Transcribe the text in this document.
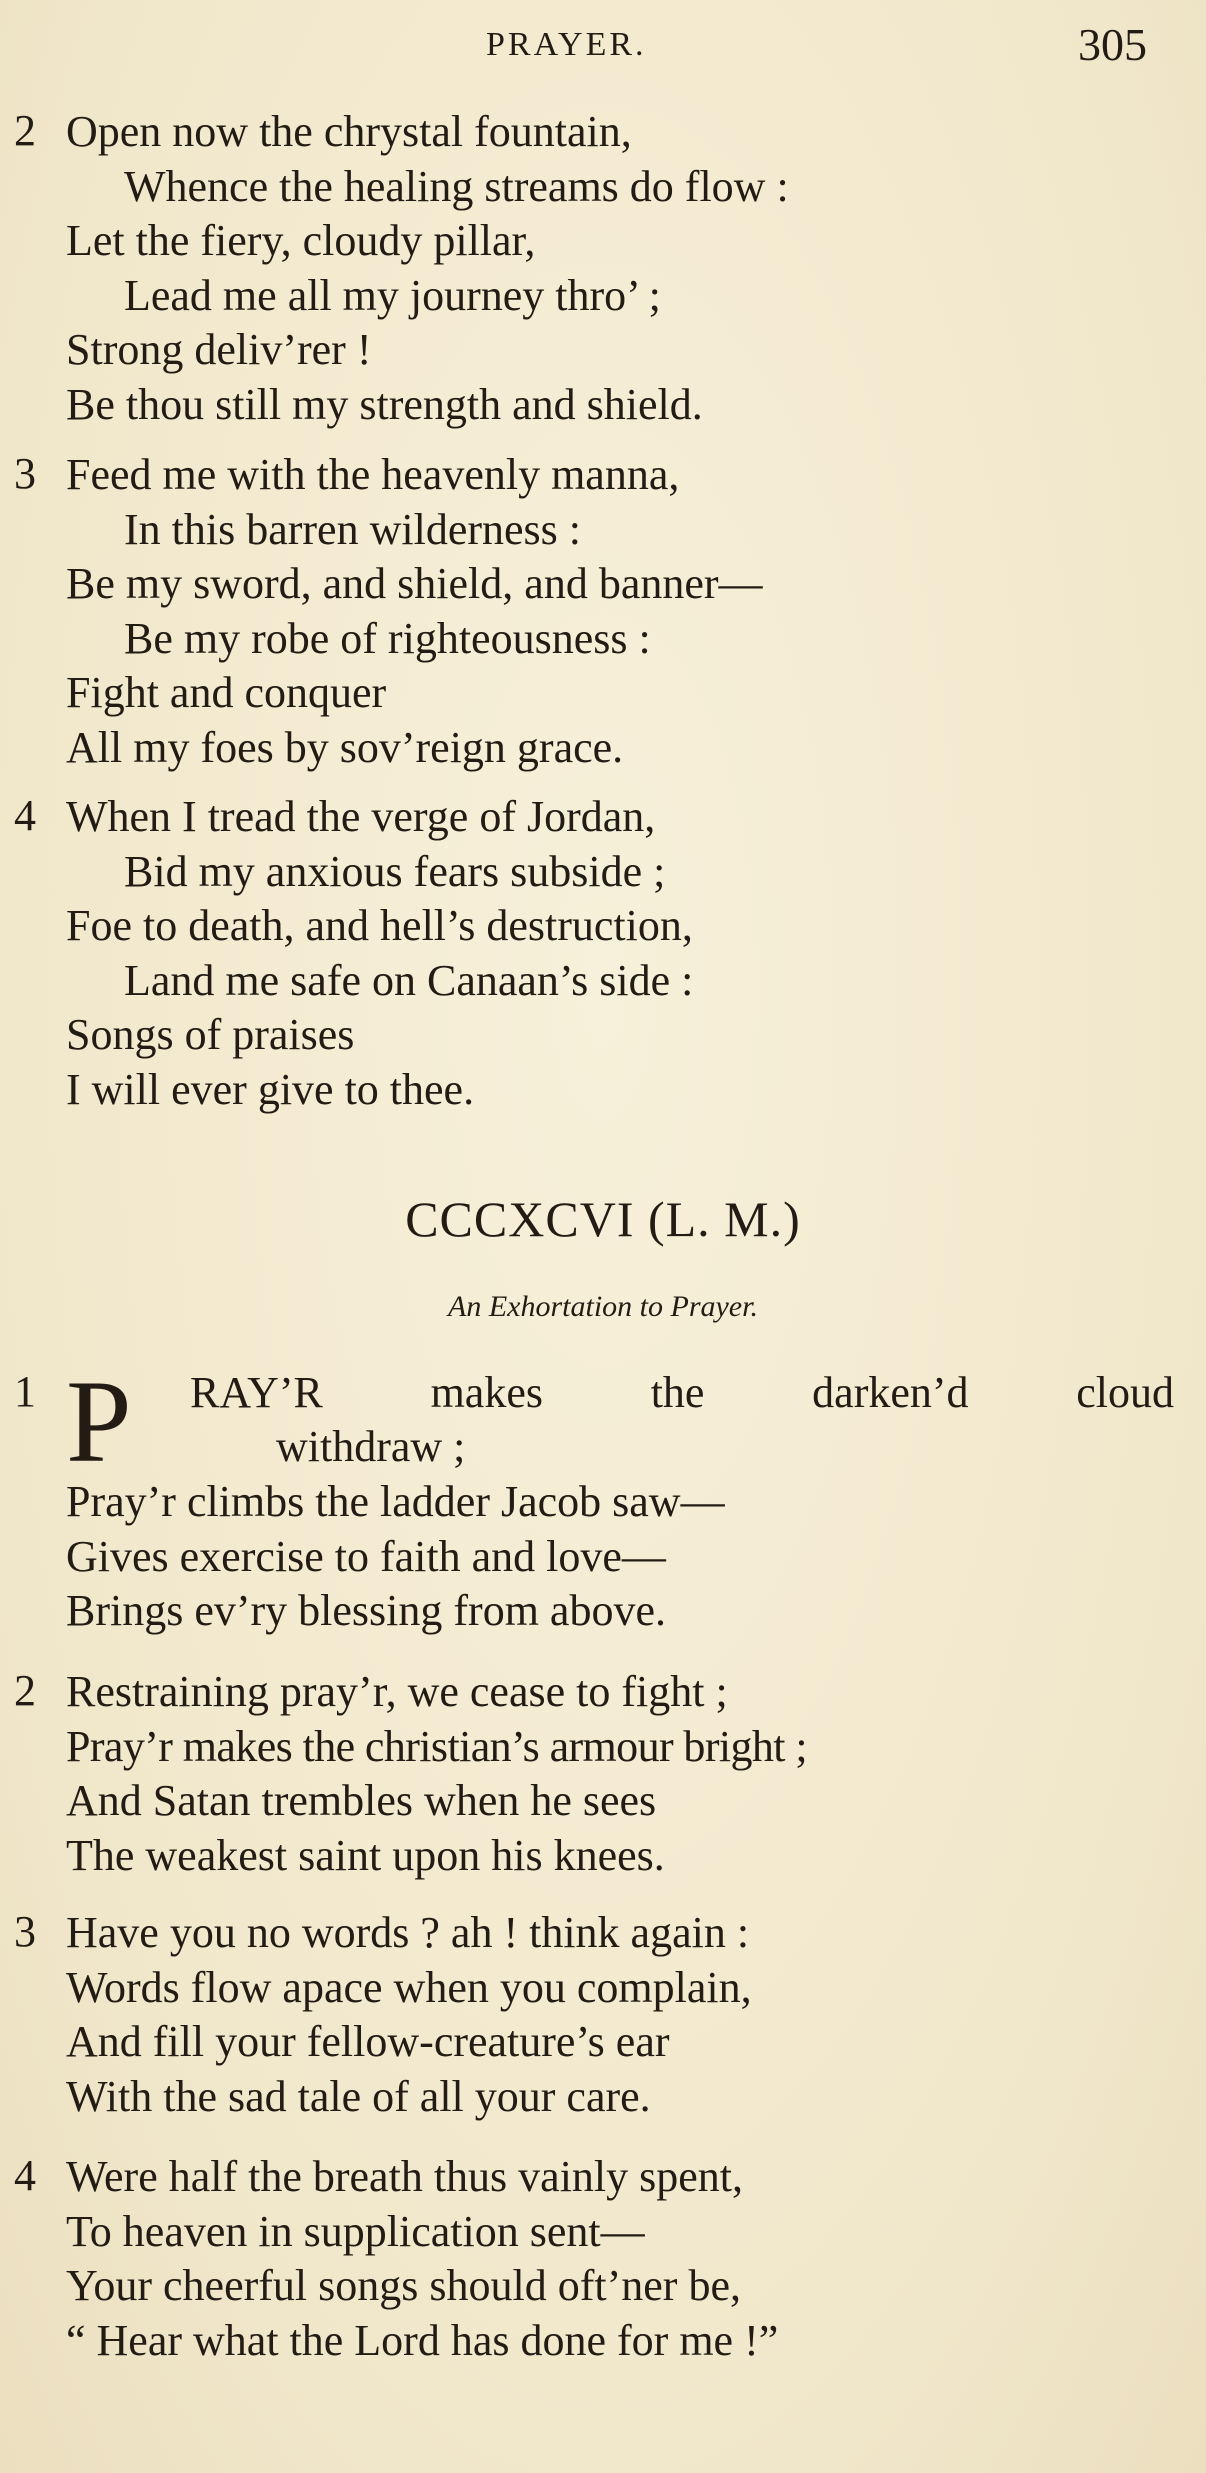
PRAYER.	305
2 Open now the chrystal fountain,
Whence the healing streams do flow :
Let the fiery, cloudy pillar,
Lead me all my journey thro’ ;
Strong deliv’rer !
Be thou still my strength and shield.
3 Feed me with the heavenly manna,
In this barren wilderness :
Be my sword, and shield, and banner—
Be my robe of righteousness :
Fight and conquer
All my foes by sov’reign grace.
4 When I tread the verge of Jordan,
Bid my anxious fears subside ;
Foe to death, and hell’s destruction,
Land me safe on Canaan’s side :
Songs of praises
I will ever give to thee.
CCCXCVI (L. M.)
An Exhortation to Prayer.
1 P RAY’R makes the darken’d cloud
withdraw ;
Pray’r climbs the ladder Jacob saw—
Gives exercise to faith and love—
Brings ev’ry blessing from above.
2 Restraining pray’r, we cease to fight ;
Pray’r makes the christian’s armour bright ;
And Satan trembles when he sees
The weakest saint upon his knees.
3 Have you no words ? ah ! think again :
Words flow apace when you complain,
And fill your fellow-creature’s ear
With the sad tale of all your care.
4 Were half the breath thus vainly spent,
To heaven in supplication sent—
Your cheerful songs should oft’ner be,
“ Hear what the Lord has done for me !”
